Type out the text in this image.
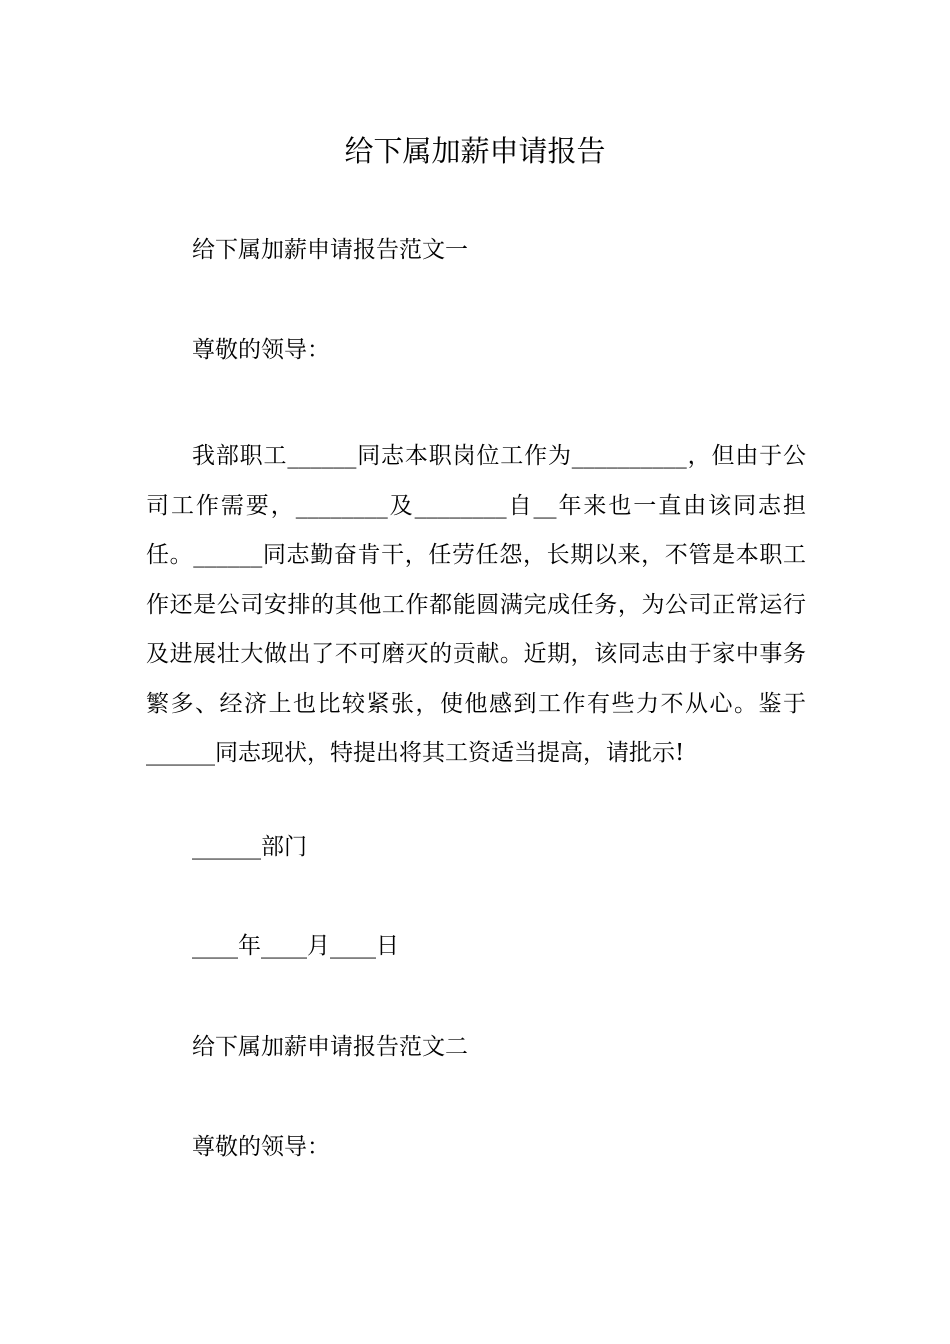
给下属加薪申请报告
给下属加薪申请报告范文一
尊敬的领导：
我部职工______同志本职岗位工作为__________，但由于公司工作需要，________及________自__年来也一直由该同志担任。______同志勤奋肯干，任劳任怨，长期以来，不管是本职工作还是公司安排的其他工作都能圆满完成任务，为公司正常运行及进展壮大做出了不可磨灭的贡献。近期，该同志由于家中事务繁多、经济上也比较紧张，使他感到工作有些力不从心。鉴于______同志现状，特提出将其工资适当提高，请批示!
______部门
____年____月____日
给下属加薪申请报告范文二
尊敬的领导：
